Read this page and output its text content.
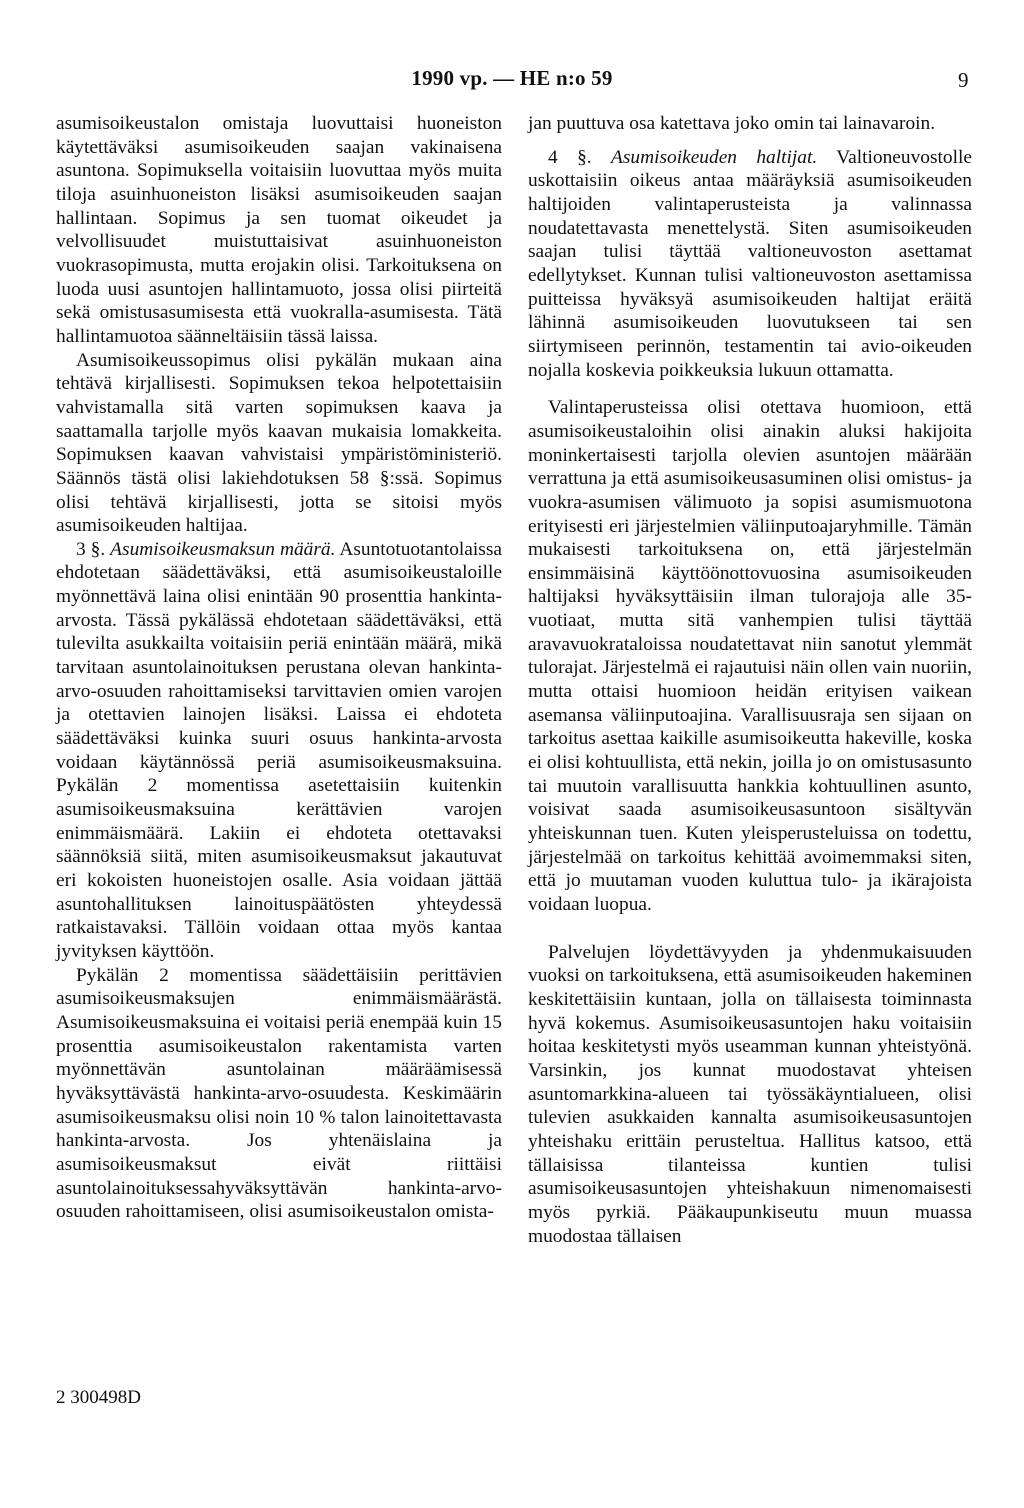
1990 vp. — HE n:o 59	9

asumisoikeustalon omistaja luovuttaisi huoneiston käytettäväksi asumisoikeuden saajan vakinaisena asuntona. Sopimuksella voitaisiin luovuttaa myös muita tiloja asuinhuoneiston lisäksi asumisoikeuden saajan hallintaan. Sopimus ja sen tuomat oikeudet ja velvollisuudet muistuttaisivat asuinhuoneiston vuokrasopimusta, mutta erojakin olisi. Tarkoituksena on luoda uusi asuntojen hallintamuoto, jossa olisi piirteitä sekä omistusasumisesta että vuokralla-asumisesta. Tätä hallintamuotoa säänneltäisiin tässä laissa.

Asumisoikeussopimus olisi pykälän mukaan aina tehtävä kirjallisesti. Sopimuksen tekoa helpotettaisiin vahvistamalla sitä varten sopimuksen kaava ja saattamalla tarjolle myös kaavan mukaisia lomakkeita. Sopimuksen kaavan vahvistaisi ympäristöministeriö. Säännös tästä olisi lakiehdotuksen 58 §:ssä. Sopimus olisi tehtävä kirjallisesti, jotta se sitoisi myös asumisoikeuden haltijaa.

3 §. Asumisoikeusmaksun määrä. Asuntotuotantolaissa ehdotetaan säädettäväksi, että asumisoikeustaloille myönnettävä laina olisi enintään 90 prosenttia hankinta-arvosta. Tässä pykälässä ehdotetaan säädettäväksi, että tulevilta asukkailta voitaisiin periä enintään määrä, mikä tarvitaan asuntolainoituksen perustana olevan hankinta-arvo-osuuden rahoittamiseksi tarvittavien omien varojen ja otettavien lainojen lisäksi. Laissa ei ehdoteta säädettäväksi kuinka suuri osuus hankinta-arvosta voidaan käytännössä periä asumisoikeusmaksuina. Pykälän 2 momentissa asetettaisiin kuitenkin asumisoikeusmaksuina kerättävien varojen enimmäismäärä. Lakiin ei ehdoteta otettavaksi säännöksiä siitä, miten asumisoikeusmaksut jakautuvat eri kokoisten huoneistojen osalle. Asia voidaan jättää asuntohallituksen lainoituspäätösten yhteydessä ratkaistavaksi. Tällöin voidaan ottaa myös kantaa jyvityksen käyttöön.

Pykälän 2 momentissa säädettäisiin perittävien asumisoikeusmaksujen enimmäismäärästä. Asumisoikeusmaksuina ei voitaisi periä enempää kuin 15 prosenttia asumisoikeustalon rakentamista varten myönnettävän asuntolainan määräämisessä hyväksyttävästä hankinta-arvo-osuudesta. Keskimäärin asumisoikeusmaksu olisi noin 10 % talon lainoitettavasta hankinta-arvosta. Jos yhtenäislaina ja asumisoikeusmaksut eivät riittäisi asuntolainoituksessahyväksyttävän hankinta-arvo-osuuden rahoittamiseen, olisi asumisoikeustalon omista-

jan puuttuva osa katettava joko omin tai lainavaroin.

4 §. Asumisoikeuden haltijat. Valtioneuvostolle uskottaisiin oikeus antaa määräyksiä asumisoikeuden haltijoiden valintaperusteista ja valinnassa noudatettavasta menettelystä. Siten asumisoikeuden saajan tulisi täyttää valtioneuvoston asettamat edellytykset. Kunnan tulisi valtioneuvoston asettamissa puitteissa hyväksyä asumisoikeuden haltijat eräitä lähinnä asumisoikeuden luovutukseen tai sen siirtymiseen perinnön, testamentin tai avio-oikeuden nojalla koskevia poikkeuksia lukuun ottamatta.

Valintaperusteissa olisi otettava huomioon, että asumisoikeustaloihin olisi ainakin aluksi hakijoita moninkertaisesti tarjolla olevien asuntojen määrään verrattuna ja että asumisoikeusasuminen olisi omistus- ja vuokra-asumisen välimuoto ja sopisi asumismuotona erityisesti eri järjestelmien väliinputoajaryhmille. Tämän mukaisesti tarkoituksena on, että järjestelmän ensimmäisinä käyttöönottovuosina asumisoikeuden haltijaksi hyväksyttäisiin ilman tulorajoja alle 35-vuotiaat, mutta sitä vanhempien tulisi täyttää aravavuokrataloissa noudatettavat niin sanotut ylemmät tulorajat. Järjestelmä ei rajautuisi näin ollen vain nuoriin, mutta ottaisi huomioon heidän erityisen vaikean asemansa väliinputoajina. Varallisuusraja sen sijaan on tarkoitus asettaa kaikille asumisoikeutta hakeville, koska ei olisi kohtuullista, että nekin, joilla jo on omistusasunto tai muutoin varallisuutta hankkia kohtuullinen asunto, voisivat saada asumisoikeusasuntoon sisältyvän yhteiskunnan tuen. Kuten yleisperusteluissa on todettu, järjestelmää on tarkoitus kehittää avoimemmaksi siten, että jo muutaman vuoden kuluttua tulo- ja ikärajoista voidaan luopua.

Palvelujen löydettävyyden ja yhdenmukaisuuden vuoksi on tarkoituksena, että asumisoikeuden hakeminen keskitettäisiin kuntaan, jolla on tällaisesta toiminnasta hyvä kokemus. Asumisoikeusasuntojen haku voitaisiin hoitaa keskitetysti myös useamman kunnan yhteistyönä. Varsinkin, jos kunnat muodostavat yhteisen asuntomarkkina-alueen tai työssäkäyntialueen, olisi tulevien asukkaiden kannalta asumisoikeusasuntojen yhteishaku erittäin perusteltua. Hallitus katsoo, että tällaisissa tilanteissa kuntien tulisi asumisoikeusasuntojen yhteishakuun nimenomaisesti myös pyrkiä. Pääkaupunkiseutu muun muassa muodostaa tällaisen

2 300498D
